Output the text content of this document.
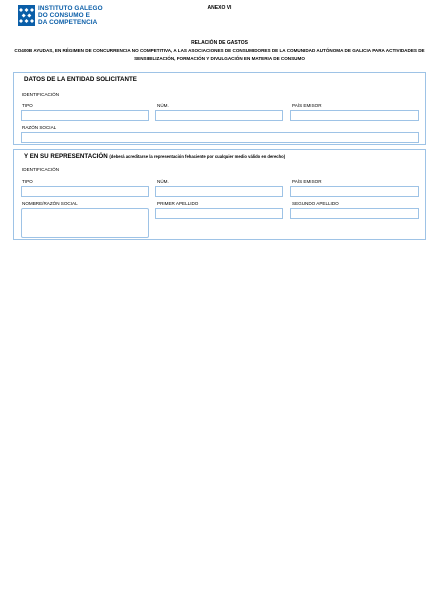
INSTITUTO GALEGO
DO CONSUMO E
DA COMPETENCIA
ANEXO VI
RELACIÓN DE GASTOS
CO400B AYUDAS, EN RÉGIMEN DE CONCURRENCIA NO COMPETITIVA, A LAS ASOCIACIONES DE CONSUMIDORES DE LA COMUNIDAD AUTÓNOMA DE GALICIA PARA ACTIVIDADES DE SENSIBILIZACIÓN, FORMACIÓN Y DIVULGACIÓN EN MATERIA DE CONSUMO
DATOS DE LA ENTIDAD SOLICITANTE
IDENTIFICACIÓN
TIPO	NÚM.	PAÍS EMISOR
RAZÓN SOCIAL
Y EN SU REPRESENTACIÓN (deberá acreditarse la representación fehaciente por cualquier medio válido en derecho)
IDENTIFICACIÓN
TIPO	NÚM.	PAÍS EMISOR
NOMBRE/RAZÓN SOCIAL	PRIMER APELLIDO	SEGUNDO APELLIDO
